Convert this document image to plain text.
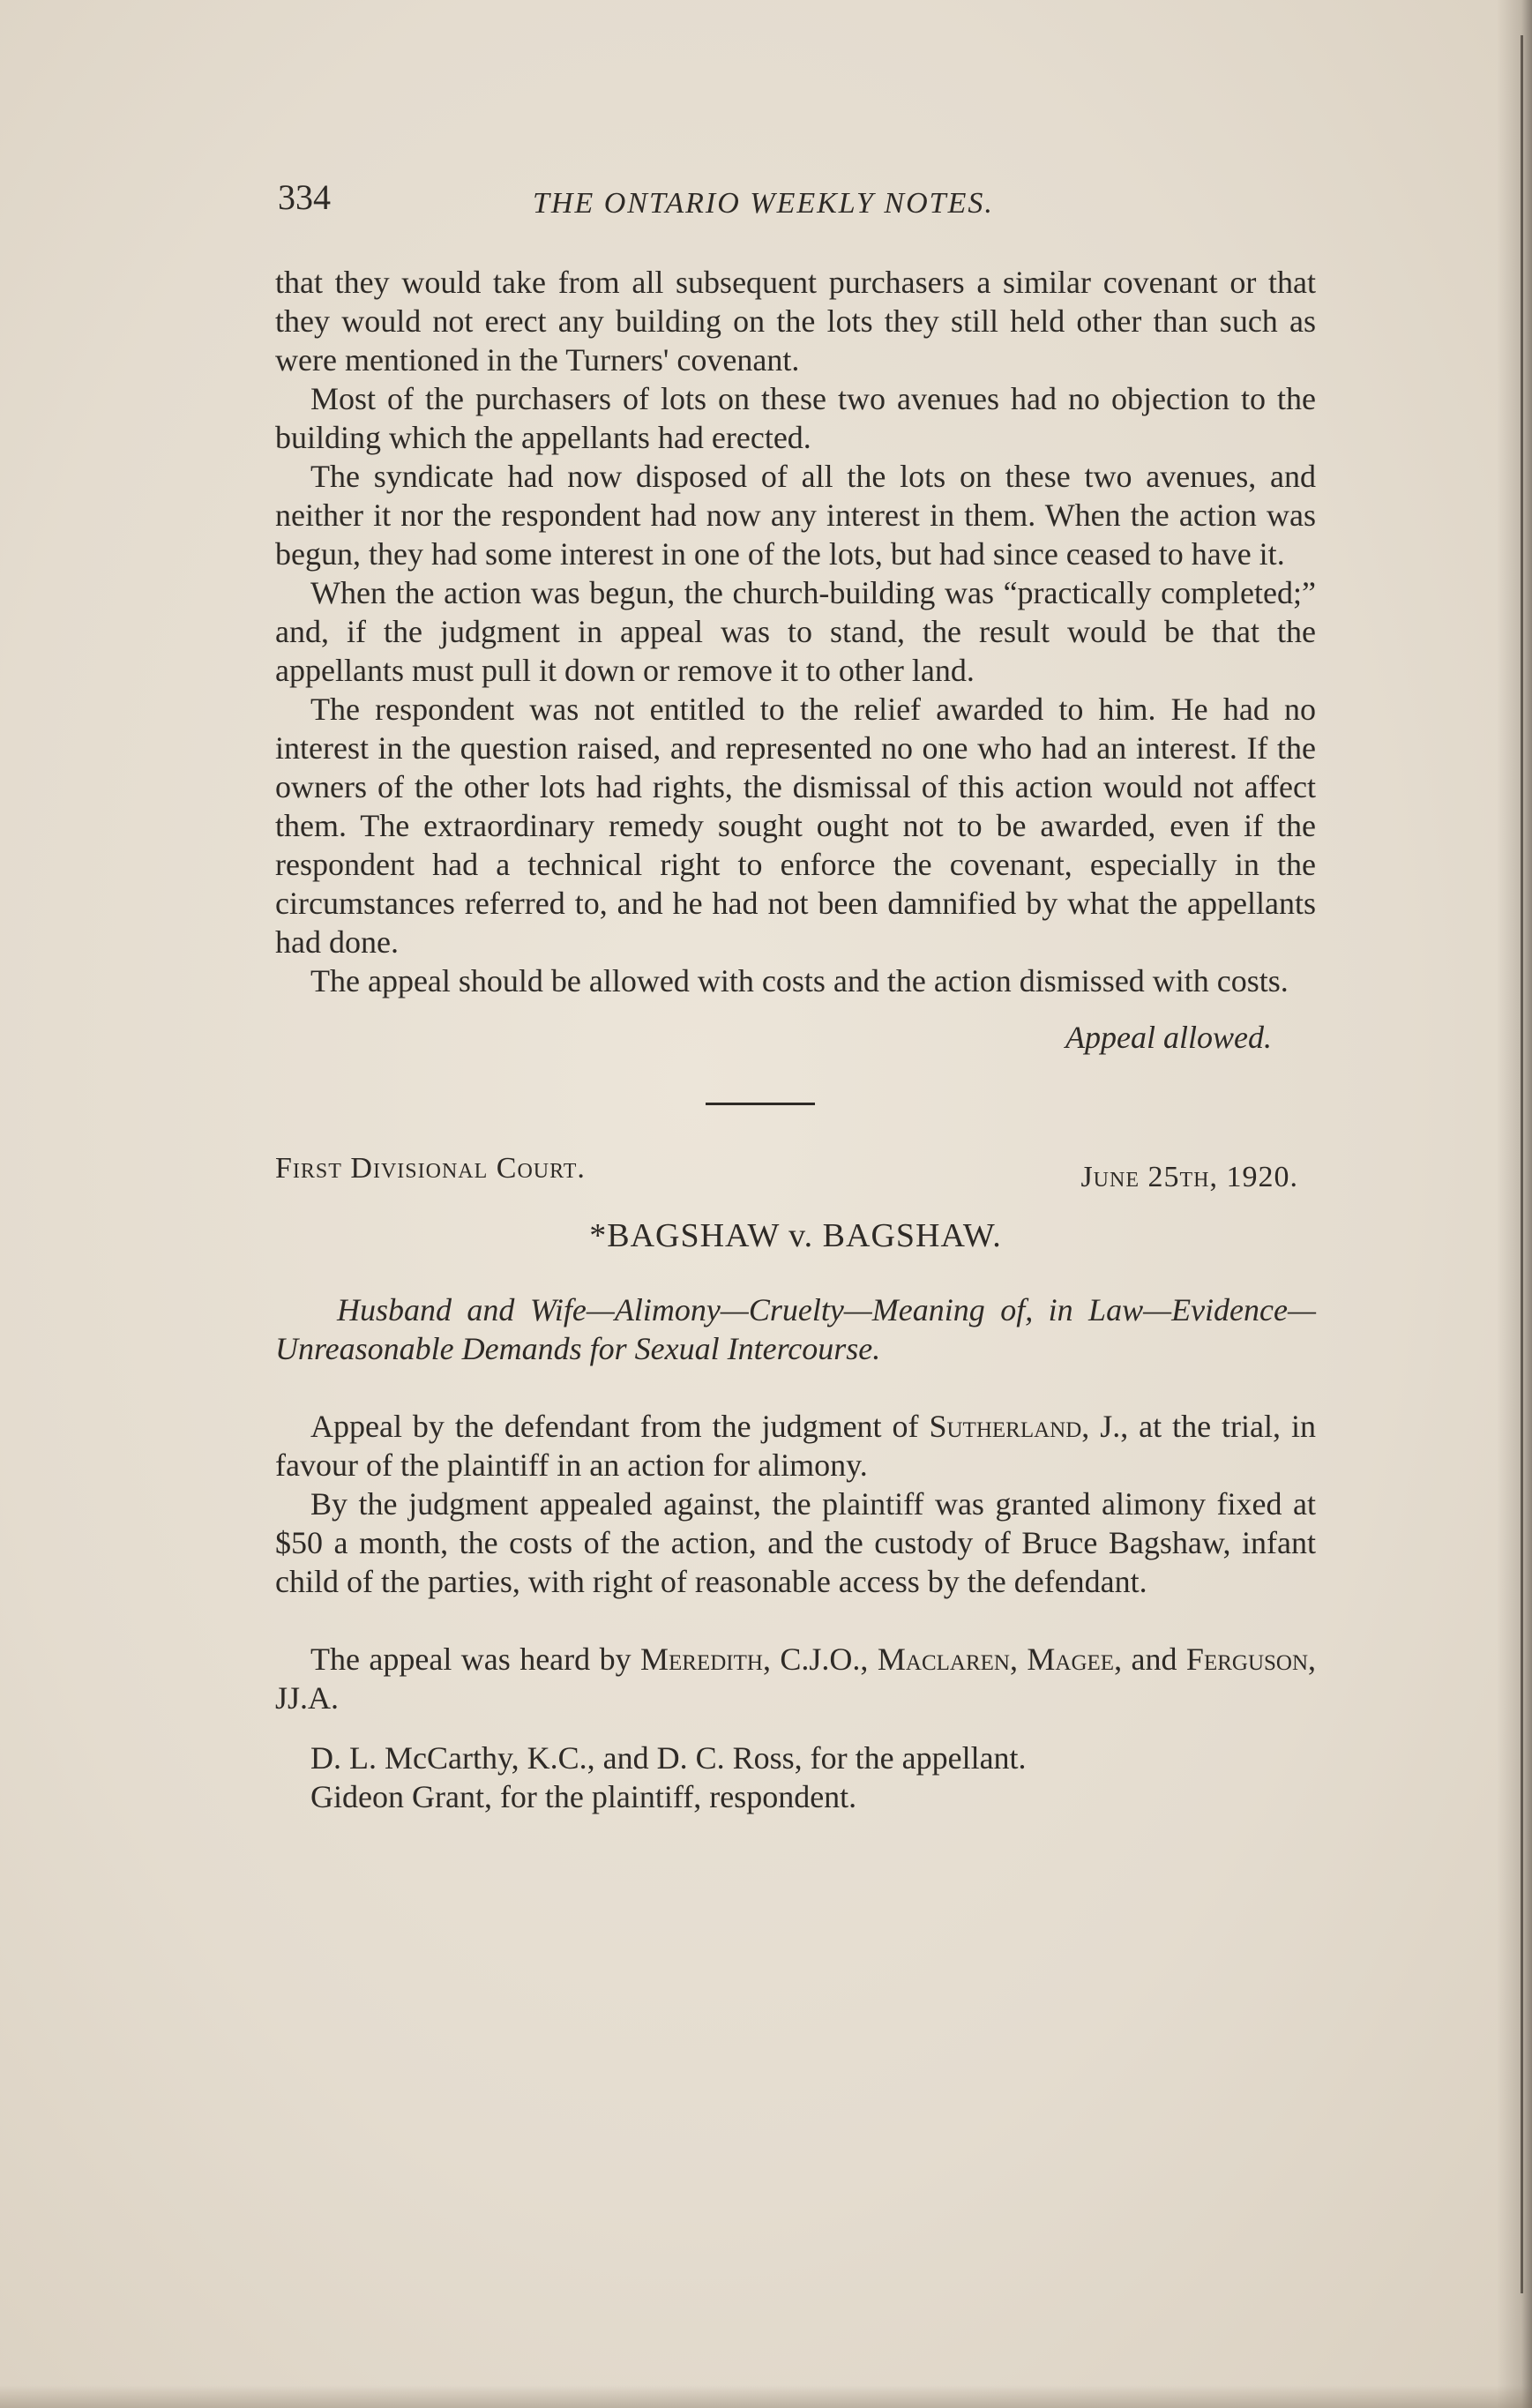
334	THE ONTARIO WEEKLY NOTES.

that they would take from all subsequent purchasers a similar covenant or that they would not erect any building on the lots they still held other than such as were mentioned in the Turners' covenant.

Most of the purchasers of lots on these two avenues had no objection to the building which the appellants had erected.

The syndicate had now disposed of all the lots on these two avenues, and neither it nor the respondent had now any interest in them. When the action was begun, they had some interest in one of the lots, but had since ceased to have it.

When the action was begun, the church-building was “practically completed;” and, if the judgment in appeal was to stand, the result would be that the appellants must pull it down or remove it to other land.

The respondent was not entitled to the relief awarded to him. He had no interest in the question raised, and represented no one who had an interest. If the owners of the other lots had rights, the dismissal of this action would not affect them. The extraordinary remedy sought ought not to be awarded, even if the respondent had a technical right to enforce the covenant, especially in the circumstances referred to, and he had not been damnified by what the appellants had done.

The appeal should be allowed with costs and the action dismissed with costs.

Appeal allowed.

First Divisional Court.	June 25th, 1920.
*BAGSHAW v. BAGSHAW.

Husband and Wife—Alimony—Cruelty—Meaning of, in Law—Evidence—Unreasonable Demands for Sexual Intercourse.

Appeal by the defendant from the judgment of Sutherland, J., at the trial, in favour of the plaintiff in an action for alimony.

By the judgment appealed against, the plaintiff was granted alimony fixed at $50 a month, the costs of the action, and the custody of Bruce Bagshaw, infant child of the parties, with right of reasonable access by the defendant.

The appeal was heard by Meredith, C.J.O., Maclaren, Magee, and Ferguson, JJ.A.

D. L. McCarthy, K.C., and D. C. Ross, for the appellant.

Gideon Grant, for the plaintiff, respondent.
